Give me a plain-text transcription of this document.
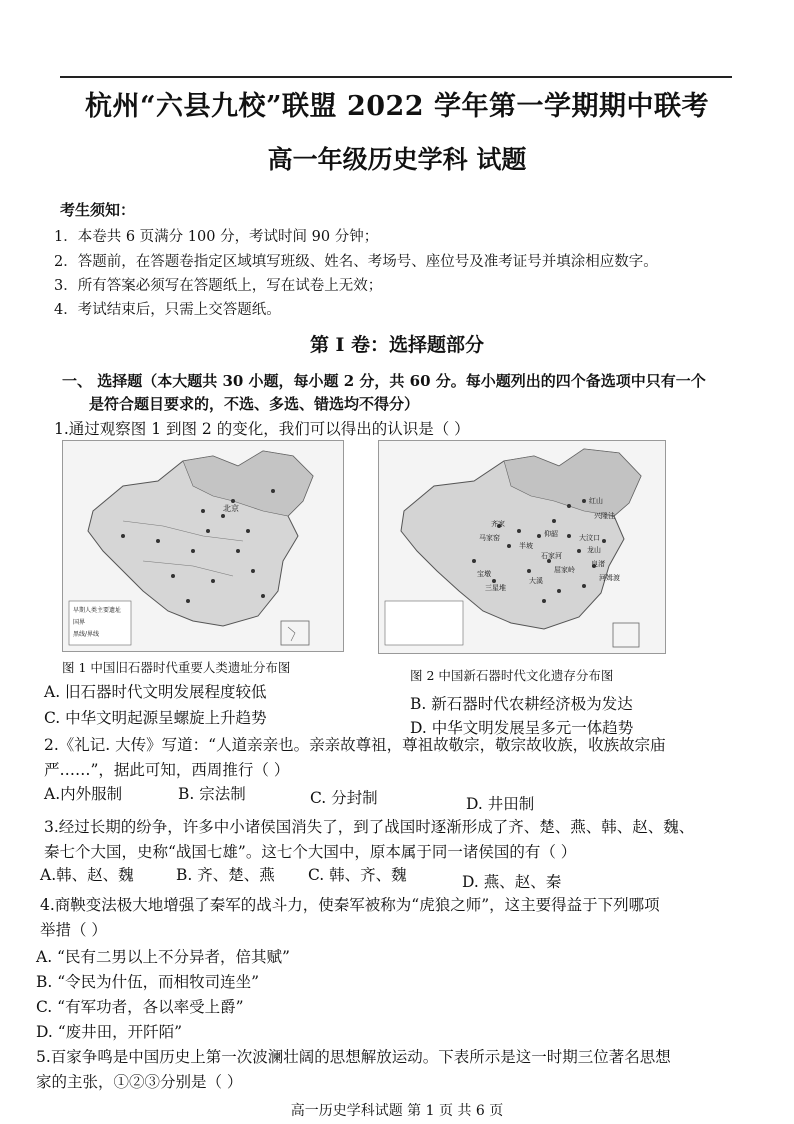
杭州“六县九校”联盟 2022 学年第一学期期中联考
高一年级历史学科 试题
考生须知：
1．本卷共 6 页满分 100 分，考试时间 90 分钟；
2．答题前，在答题卷指定区域填写班级、姓名、考场号、座位号及准考证号并填涂相应数字。
3．所有答案必须写在答题纸上，写在试卷上无效；
4．考试结束后，只需上交答题纸。
第 I 卷：选择题部分
一、 选择题（本大题共 30 小题，每小题 2 分，共 60 分。每小题列出的四个备选项中只有一个
是符合题目要求的，不选、多选、错选均不得分）
1.通过观察图 1 到图 2 的变化，我们可以得出的认识是（ ）
北京
早期人类主要遗址
国界
黑线/界线
红山
兴隆洼
仰韶	大汶口
龙山
河姆渡
良渚
大溪
屈家岭
马家窑
齐家
半坡
石家河
宝墩
三星堆
图 1 中国旧石器时代重要人类遗址分布图
图 2 中国新石器时代文化遗存分布图
A. 旧石器时代文明发展程度较低
B. 新石器时代农耕经济极为发达
C. 中华文明起源呈螺旋上升趋势
D. 中华文明发展呈多元一体趋势
2.《礼记. 大传》写道：“人道亲亲也。亲亲故尊祖，尊祖故敬宗，敬宗故收族，收族故宗庙
严……”，据此可知，西周推行（ ）
A.内外服制	B. 宗法制	C. 分封制	D. 井田制
3.经过长期的纷争，许多中小诸侯国消失了，到了战国时逐渐形成了齐、楚、燕、韩、赵、魏、
秦七个大国，史称“战国七雄”。这七个大国中，原本属于同一诸侯国的有（ ）
A.韩、赵、魏	B. 齐、楚、燕 C. 韩、齐、魏	D. 燕、赵、秦
4.商鞅变法极大地增强了秦军的战斗力，使秦军被称为“虎狼之师”，这主要得益于下列哪项
举措（ ）
A. “民有二男以上不分异者，倍其赋”
B. “令民为什伍，而相牧司连坐”
C. “有军功者，各以率受上爵”
D. “废井田，开阡陌”
5.百家争鸣是中国历史上第一次波澜壮阔的思想解放运动。下表所示是这一时期三位著名思想
家的主张，①②③分别是（ ）
高一历史学科试题 第 1 页 共 6 页
